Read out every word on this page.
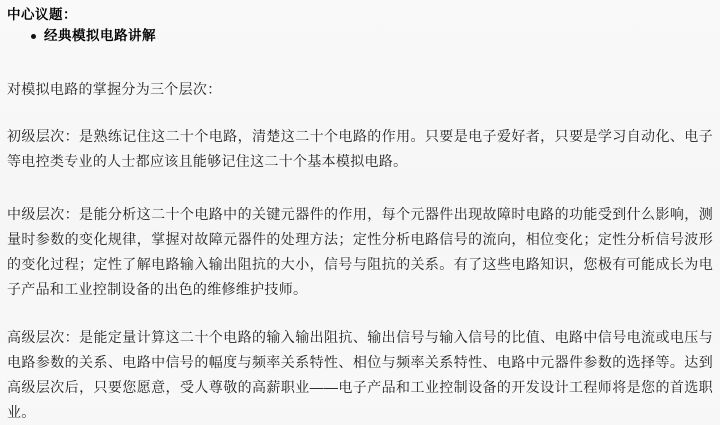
中心议题：
经典模拟电路讲解

对模拟电路的掌握分为三个层次：

初级层次：是熟练记住这二十个电路，清楚这二十个电路的作用。只要是电子爱好者，只要是学习自动化、电子等电控类专业的人士都应该且能够记住这二十个基本模拟电路。

中级层次：是能分析这二十个电路中的关键元器件的作用，每个元器件出现故障时电路的功能受到什么影响，测量时参数的变化规律，掌握对故障元器件的处理方法；定性分析电路信号的流向，相位变化；定性分析信号波形的变化过程；定性了解电路输入输出阻抗的大小，信号与阻抗的关系。有了这些电路知识，您极有可能成长为电子产品和工业控制设备的出色的维修维护技师。

高级层次：是能定量计算这二十个电路的输入输出阻抗、输出信号与输入信号的比值、电路中信号电流或电压与电路参数的关系、电路中信号的幅度与频率关系特性、相位与频率关系特性、电路中元器件参数的选择等。达到高级层次后，只要您愿意，受人尊敬的高薪职业——电子产品和工业控制设备的开发设计工程师将是您的首选职业。
